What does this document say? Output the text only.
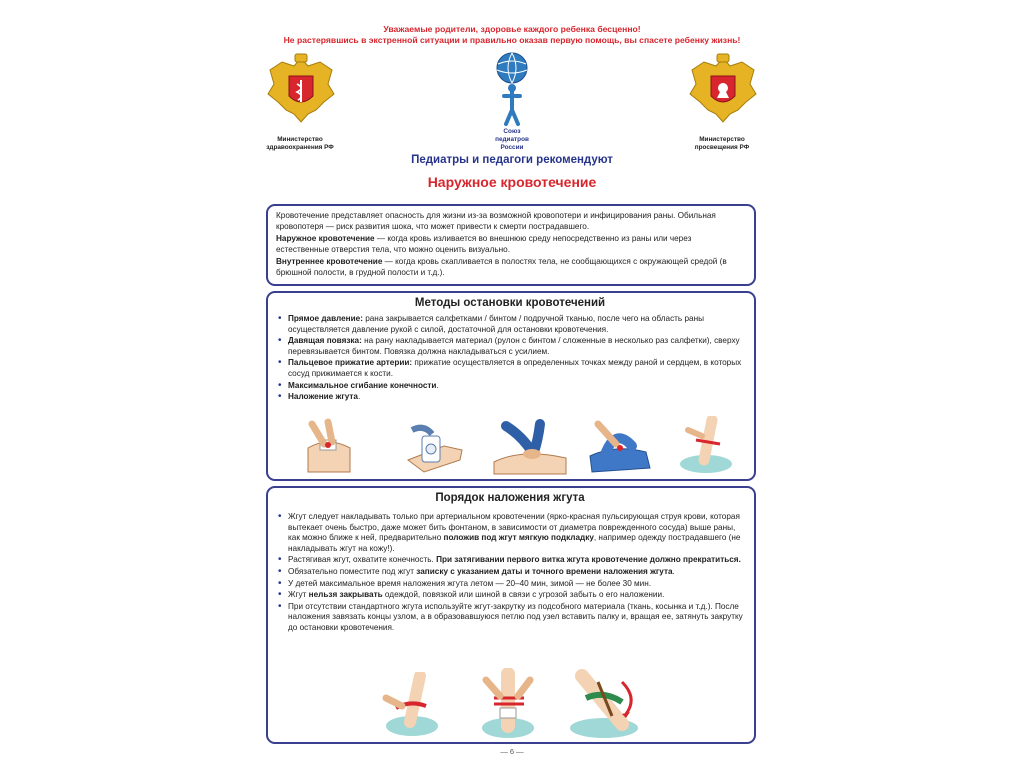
Уважаемые родители, здоровье каждого ребенка бесценно!
Не растерявшись в экстренной ситуации и правильно оказав первую помощь, вы спасете ребенку жизнь!
Министерство
здравоохранения РФ
Союз
педиатров
России
Министерство
просвещения РФ
Педиатры и педагоги рекомендуют
Наружное кровотечение

Кровотечение представляет опасность для жизни из-за возможной кровопотери и инфицирования раны. Обильная кровопотеря — риск развития шока, что может привести к смерти пострадавшего.

Наружное кровотечение — когда кровь изливается во внешнюю среду непосредственно из раны или через естественные отверстия тела, что можно оценить визуально.

Внутреннее кровотечение — когда кровь скапливается в полостях тела, не сообщающихся с окружающей средой (в брюшной полости, в грудной полости и т.д.).

Методы остановки кровотечений
• Прямое давление: рана закрывается салфетками / бинтом / подручной тканью, после чего на область раны осуществляется давление рукой с силой, достаточной для остановки кровотечения.
• Давящая повязка: на рану накладывается материал (рулон с бинтом / сложенные в несколько раз салфетки), сверху перевязывается бинтом. Повязка должна накладываться с усилием.
• Пальцевое прижатие артерии: прижатие осуществляется в определенных точках между раной и сердцем, в которых сосуд прижимается к кости.
• Максимальное сгибание конечности.
• Наложение жгута.
Порядок наложения жгута
• Жгут следует накладывать только при артериальном кровотечении (ярко-красная пульсирующая струя крови, которая вытекает очень быстро, даже может бить фонтаном, в зависимости от диаметра поврежденного сосуда) выше раны, как можно ближе к ней, предварительно положив под жгут мягкую подкладку, например одежду пострадавшего (не накладывать жгут на кожу!).
• Растягивая жгут, охватите конечность. При затягивании первого витка жгута кровотечение должно прекратиться.
• Обязательно поместите под жгут записку с указанием даты и точного времени наложения жгута.
• У детей максимальное время наложения жгута летом — 20–40 мин, зимой — не более 30 мин.
• Жгут нельзя закрывать одеждой, повязкой или шиной в связи с угрозой забыть о его наложении.
• При отсутствии стандартного жгута используйте жгут-закрутку из подсобного материала (ткань, косынка и т.д.). После наложения завязать концы узлом, а в образовавшуюся петлю под узел вставить палку и, вращая ее, затянуть закрутку до остановки кровотечения.
— 6 —
